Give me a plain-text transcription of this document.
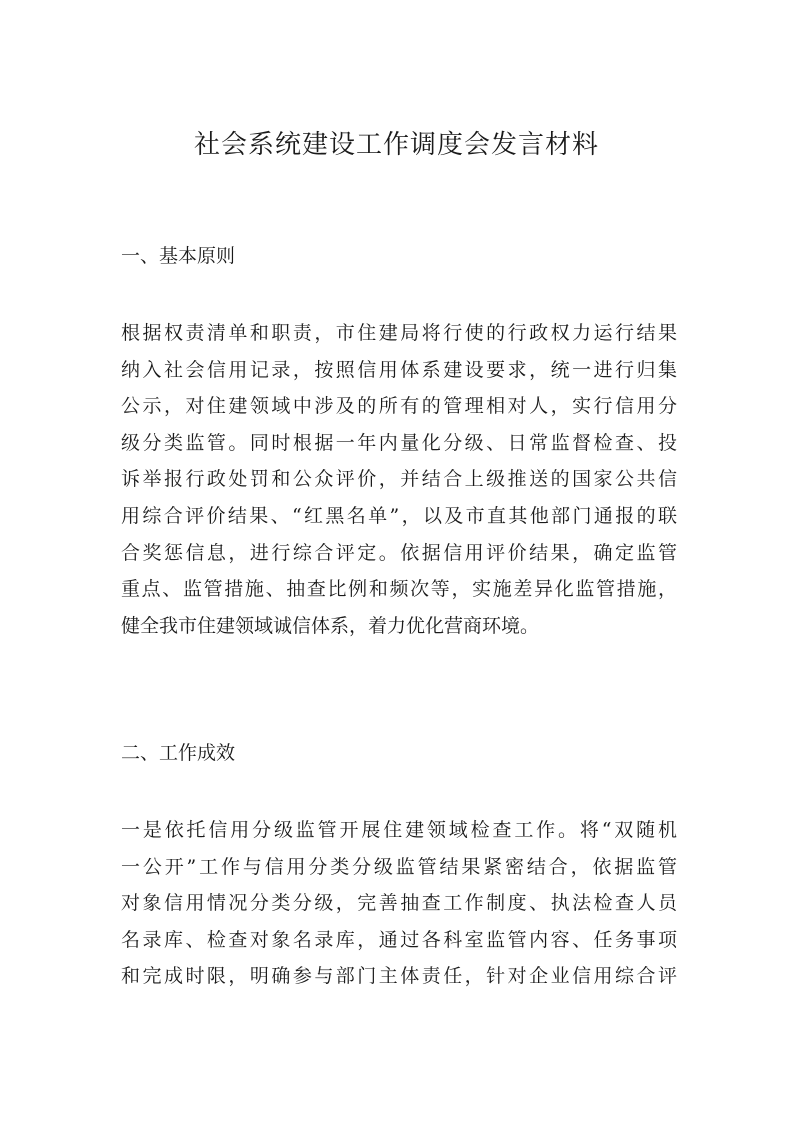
社会系统建设工作调度会发言材料
一、基本原则
根据权责清单和职责，市住建局将行使的行政权力运行结果
纳入社会信用记录，按照信用体系建设要求，统一进行归集
公示，对住建领域中涉及的所有的管理相对人，实行信用分
级分类监管。同时根据一年内量化分级、日常监督检查、投
诉举报行政处罚和公众评价，并结合上级推送的国家公共信
用综合评价结果、“红黑名单”，以及市直其他部门通报的联
合奖惩信息，进行综合评定。依据信用评价结果，确定监管
重点、监管措施、抽查比例和频次等，实施差异化监管措施，
健全我市住建领域诚信体系，着力优化营商环境。
二、工作成效
一是依托信用分级监管开展住建领域检查工作。将“双随机
一公开”工作与信用分类分级监管结果紧密结合，依据监管
对象信用情况分类分级，完善抽查工作制度、执法检查人员
名录库、检查对象名录库，通过各科室监管内容、任务事项
和完成时限，明确参与部门主体责任，针对企业信用综合评
